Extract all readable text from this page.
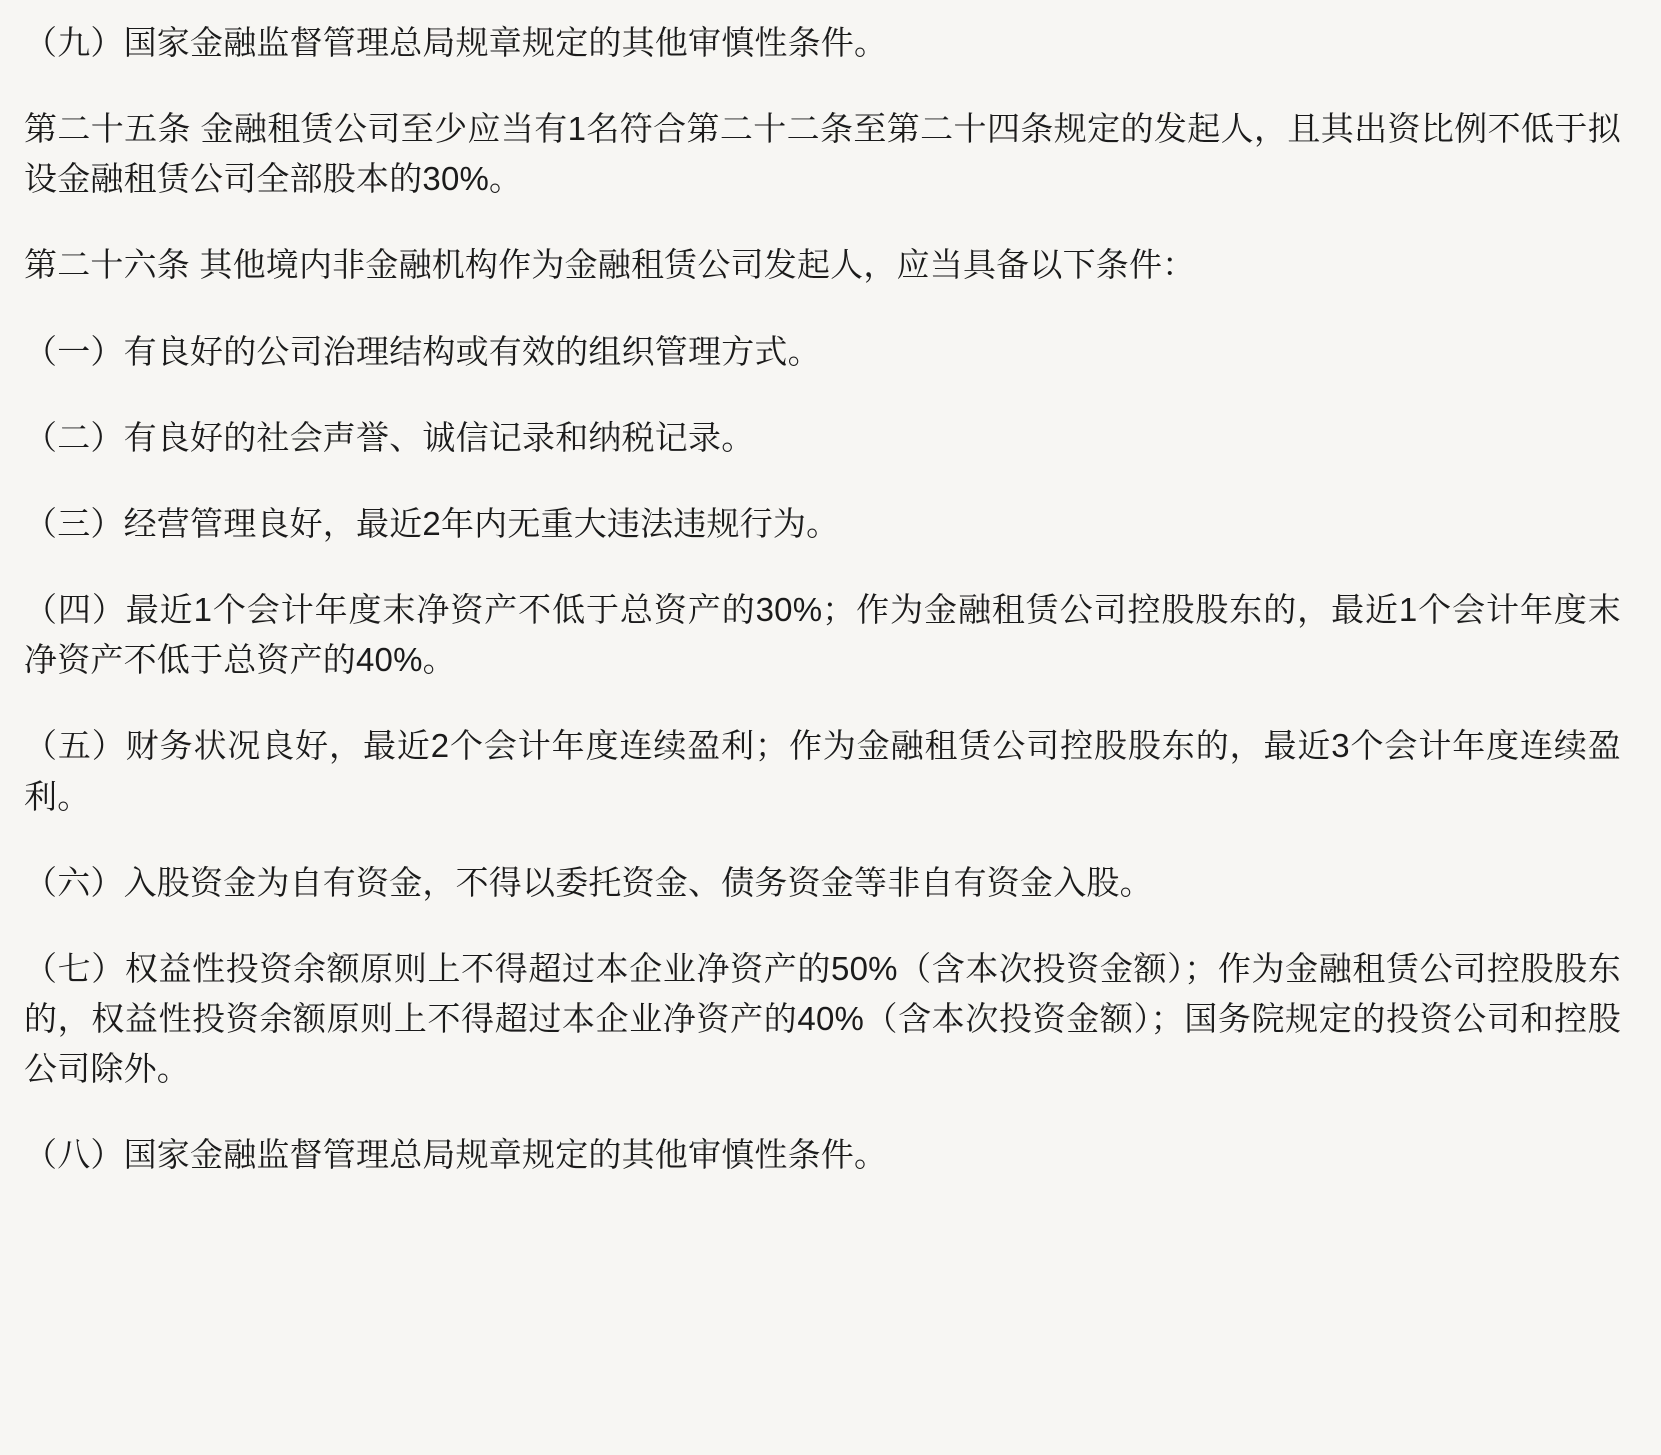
（九）国家金融监督管理总局规章规定的其他审慎性条件。

第二十五条 金融租赁公司至少应当有1名符合第二十二条至第二十四条规定的发起人，且其出资比例不低于拟设金融租赁公司全部股本的30%。

第二十六条 其他境内非金融机构作为金融租赁公司发起人，应当具备以下条件：

（一）有良好的公司治理结构或有效的组织管理方式。

（二）有良好的社会声誉、诚信记录和纳税记录。

（三）经营管理良好，最近2年内无重大违法违规行为。

（四）最近1个会计年度末净资产不低于总资产的30%；作为金融租赁公司控股股东的，最近1个会计年度末净资产不低于总资产的40%。

（五）财务状况良好，最近2个会计年度连续盈利；作为金融租赁公司控股股东的，最近3个会计年度连续盈利。

（六）入股资金为自有资金，不得以委托资金、债务资金等非自有资金入股。

（七）权益性投资余额原则上不得超过本企业净资产的50%（含本次投资金额）；作为金融租赁公司控股股东的，权益性投资余额原则上不得超过本企业净资产的40%（含本次投资金额）；国务院规定的投资公司和控股公司除外。

（八）国家金融监督管理总局规章规定的其他审慎性条件。
